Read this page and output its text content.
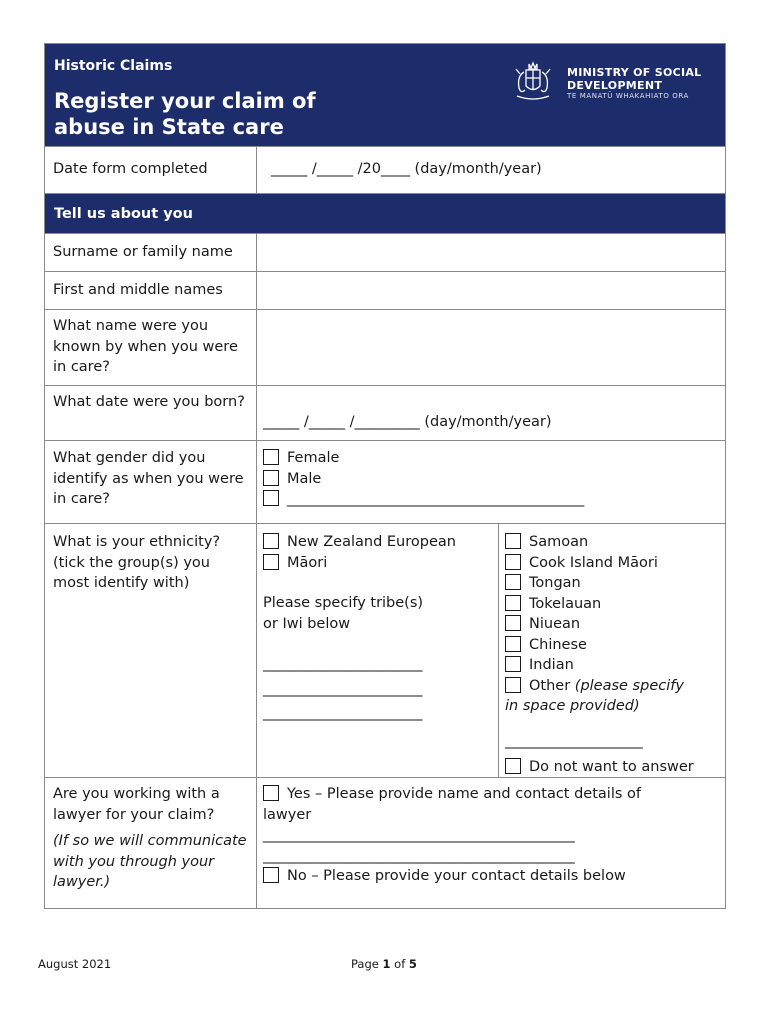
Historic Claims
Register your claim of
abuse in State care
MINISTRY OF SOCIAL
DEVELOPMENT
TE MANATŪ WHAKAHIATO ORA
Date form completed	_____ /_____ /20____ (day/month/year)
Tell us about you
Surname or family name
First and middle names
What name were you known by when you were in care?
What date were you born?
_____ /_____ /_________ (day/month/year)
What gender did you identify as when you were in care?
Female
Male
_________________________________________
What is your ethnicity? (tick the group(s) you most identify with)
New Zealand European
Māori
Please specify tribe(s)
or Iwi below
______________________
______________________
______________________
Samoan
Cook Island Māori
Tongan
Tokelauan
Niuean
Chinese
Indian
Other (please specify
in space provided)
___________________
Do not want to answer
Are you working with a lawyer for your claim?
(If so we will communicate with you through your lawyer.)
Yes – Please provide name and contact details of
lawyer
___________________________________________
___________________________________________
No – Please provide your contact details below
August 2021	Page 1 of 5
